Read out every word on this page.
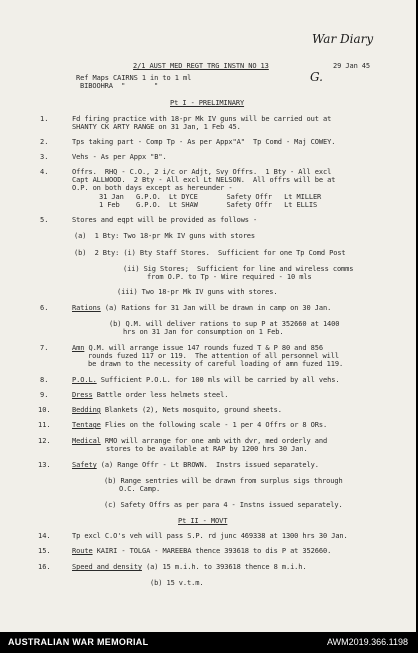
War Diary
G.
2/1 AUST MED REGT TRG INSTN NO 13	29 Jan 45
Ref Maps CAIRNS 1 in to 1 ml
BIBOOHRA  "       "
Pt I - PRELIMINARY
1.	Fd firing practice with 18-pr Mk IV guns will be carried out at
SHANTY CK ARTY RANGE on 31 Jan, 1 Feb 45.
2.	Tps taking part - Comp Tp - As per Appx"A"  Tp Comd - Maj COWEY.
3.	Vehs - As per Appx "B".
4.	Offrs.  RHQ - C.O., 2 i/c or Adjt, Svy Offrs.  1 Bty - All excl
Capt ALLWOOD.  2 Bty - All excl Lt NELSON.  All offrs will be at
O.P. on both days except as hereunder -
31 Jan   G.P.O.  Lt DYCE       Safety Offr   Lt MILLER
1 Feb    G.P.O.  Lt SHAW       Safety Offr   Lt ELLIS
5.	Stores and eqpt will be provided as follows -
(a)  1 Bty: Two 18-pr Mk IV guns with stores
(b)  2 Bty: (i) Bty Staff Stores.  Sufficient for one Tp Comd Post
(ii) Sig Stores;  Sufficient for line and wireless comms
from O.P. to Tp - Wire required - 10 mls
(iii) Two 18-pr Mk IV guns with stores.
6.	Rations (a) Rations for 31 Jan will be drawn in camp on 30 Jan.
(b) Q.M. will deliver rations to sup P at 352660 at 1400
hrs on 31 Jan for consumption on 1 Feb.
7.	Amn Q.M. will arrange issue 147 rounds fuzed T & P 80 and 856
rounds fuzed 117 or 119.  The attention of all personnel will
be drawn to the necessity of careful loading of amn fuzed 119.
8.	P.O.L. Sufficient P.O.L. for 100 mls will be carried by all vehs.
9.	Dress Battle order less helmets steel.
10.	Bedding Blankets (2), Nets mosquito, ground sheets.
11.	Tentage Flies on the following scale - 1 per 4 Offrs or 8 ORs.
12.	Medical RMO will arrange for one amb with dvr, med orderly and
stores to be available at RAP by 1200 hrs 30 Jan.
13.	Safety (a) Range Offr - Lt BROWN.  Instrs issued separately.
(b) Range sentries will be drawn from surplus sigs through
O.C. Camp.
(c) Safety Offrs as per para 4 - Instns issued separately.
Pt II - MOVT
14.	Tp excl C.O's veh will pass S.P. rd junc 469338 at 1300 hrs 30 Jan.
15.	Route KAIRI - TOLGA - MAREEBA thence 393618 to dis P at 352660.
16.	Speed and density (a) 15 m.i.h. to 393618 thence 8 m.i.h.
(b) 15 v.t.m.
AUSTRALIAN WAR MEMORIAL	AWM2019.366.1198
